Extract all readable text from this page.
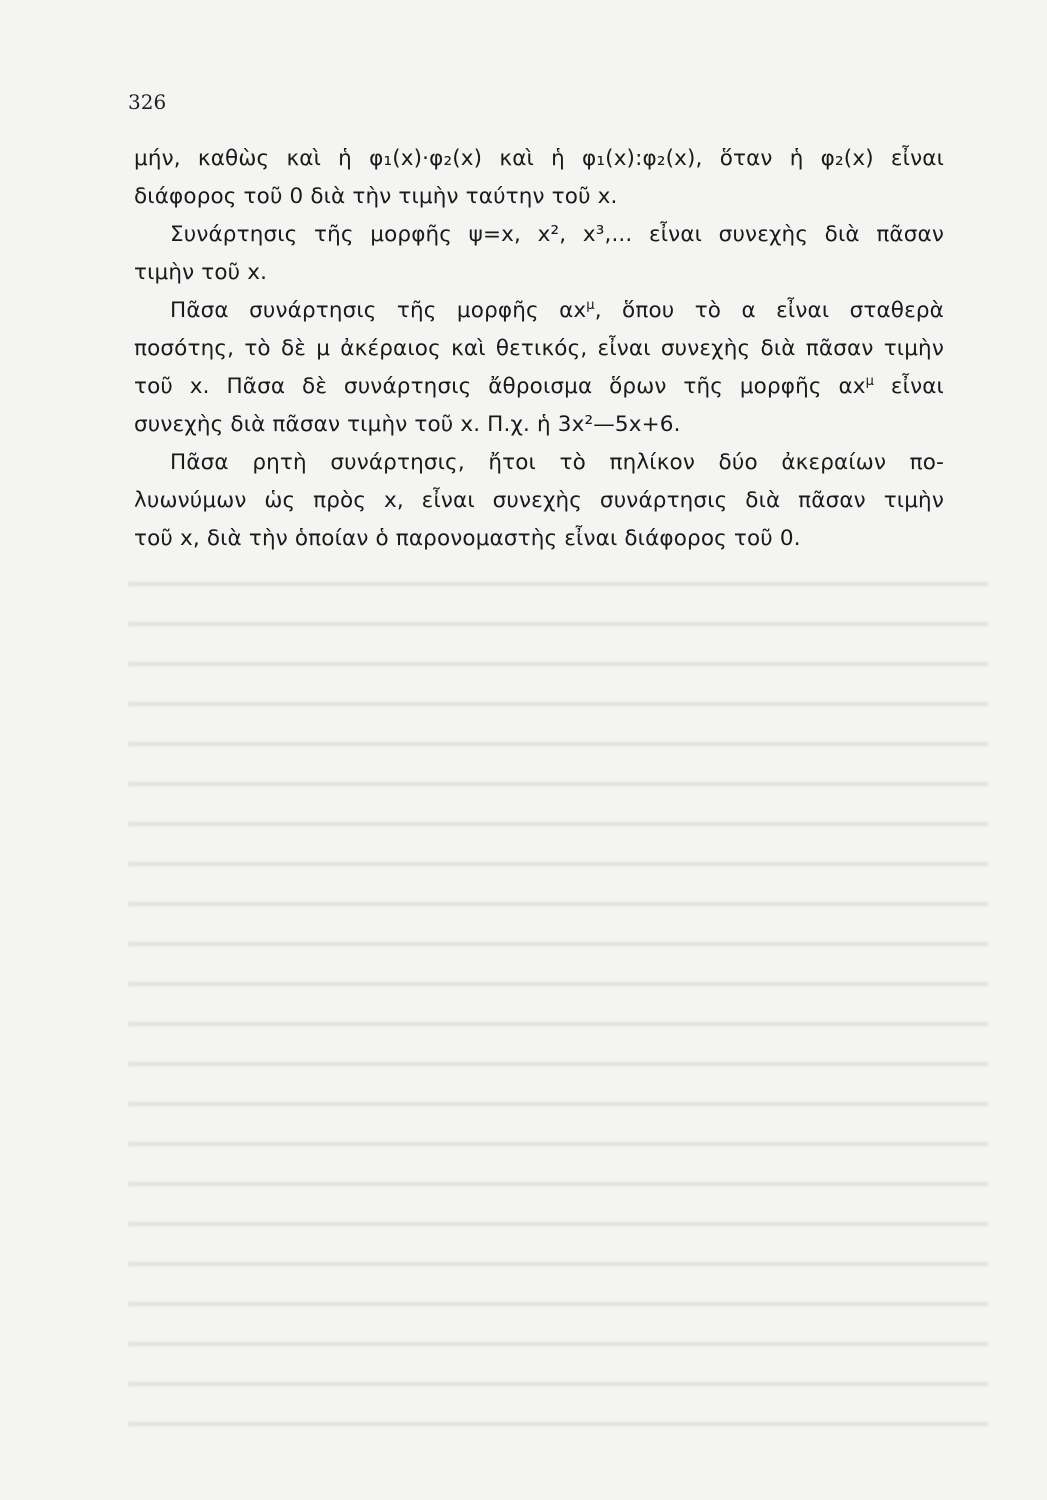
326
μήν, καθὼς καὶ ἡ φ₁(x)·φ₂(x) καὶ ἡ φ₁(x):φ₂(x), ὅταν ἡ φ₂(x) εἶναι
διάφορος τοῦ 0 διὰ τὴν τιμὴν ταύτην τοῦ x.
Συνάρτησις τῆς μορφῆς ψ=x, x², x³,... εἶναι συνεχὴς διὰ πᾶσαν
τιμὴν τοῦ x.
Πᾶσα συνάρτησις τῆς μορφῆς $\alpha x^\mu$, ὅπου τὸ α εἶναι σταθερὰ
ποσότης, τὸ δὲ μ ἀκέραιος καὶ θετικός, εἶναι συνεχὴς διὰ πᾶσαν τιμὴν
τοῦ x. Πᾶσα δὲ συνάρτησις ἄθροισμα ὅρων τῆς μορφῆς $\alpha x^\mu$ εἶναι
συνεχὴς διὰ πᾶσαν τιμὴν τοῦ x. Π.χ. ἡ 3x²—5x+6.
Πᾶσα ρητὴ συνάρτησις, ἤτοι τὸ πηλίκον δύο ἀκεραίων πο-
λυωνύμων ὡς πρὸς x, εἶναι συνεχὴς συνάρτησις διὰ πᾶσαν τιμὴν
τοῦ x, διὰ τὴν ὁποίαν ὁ παρονομαστὴς εἶναι διάφορος τοῦ 0.
